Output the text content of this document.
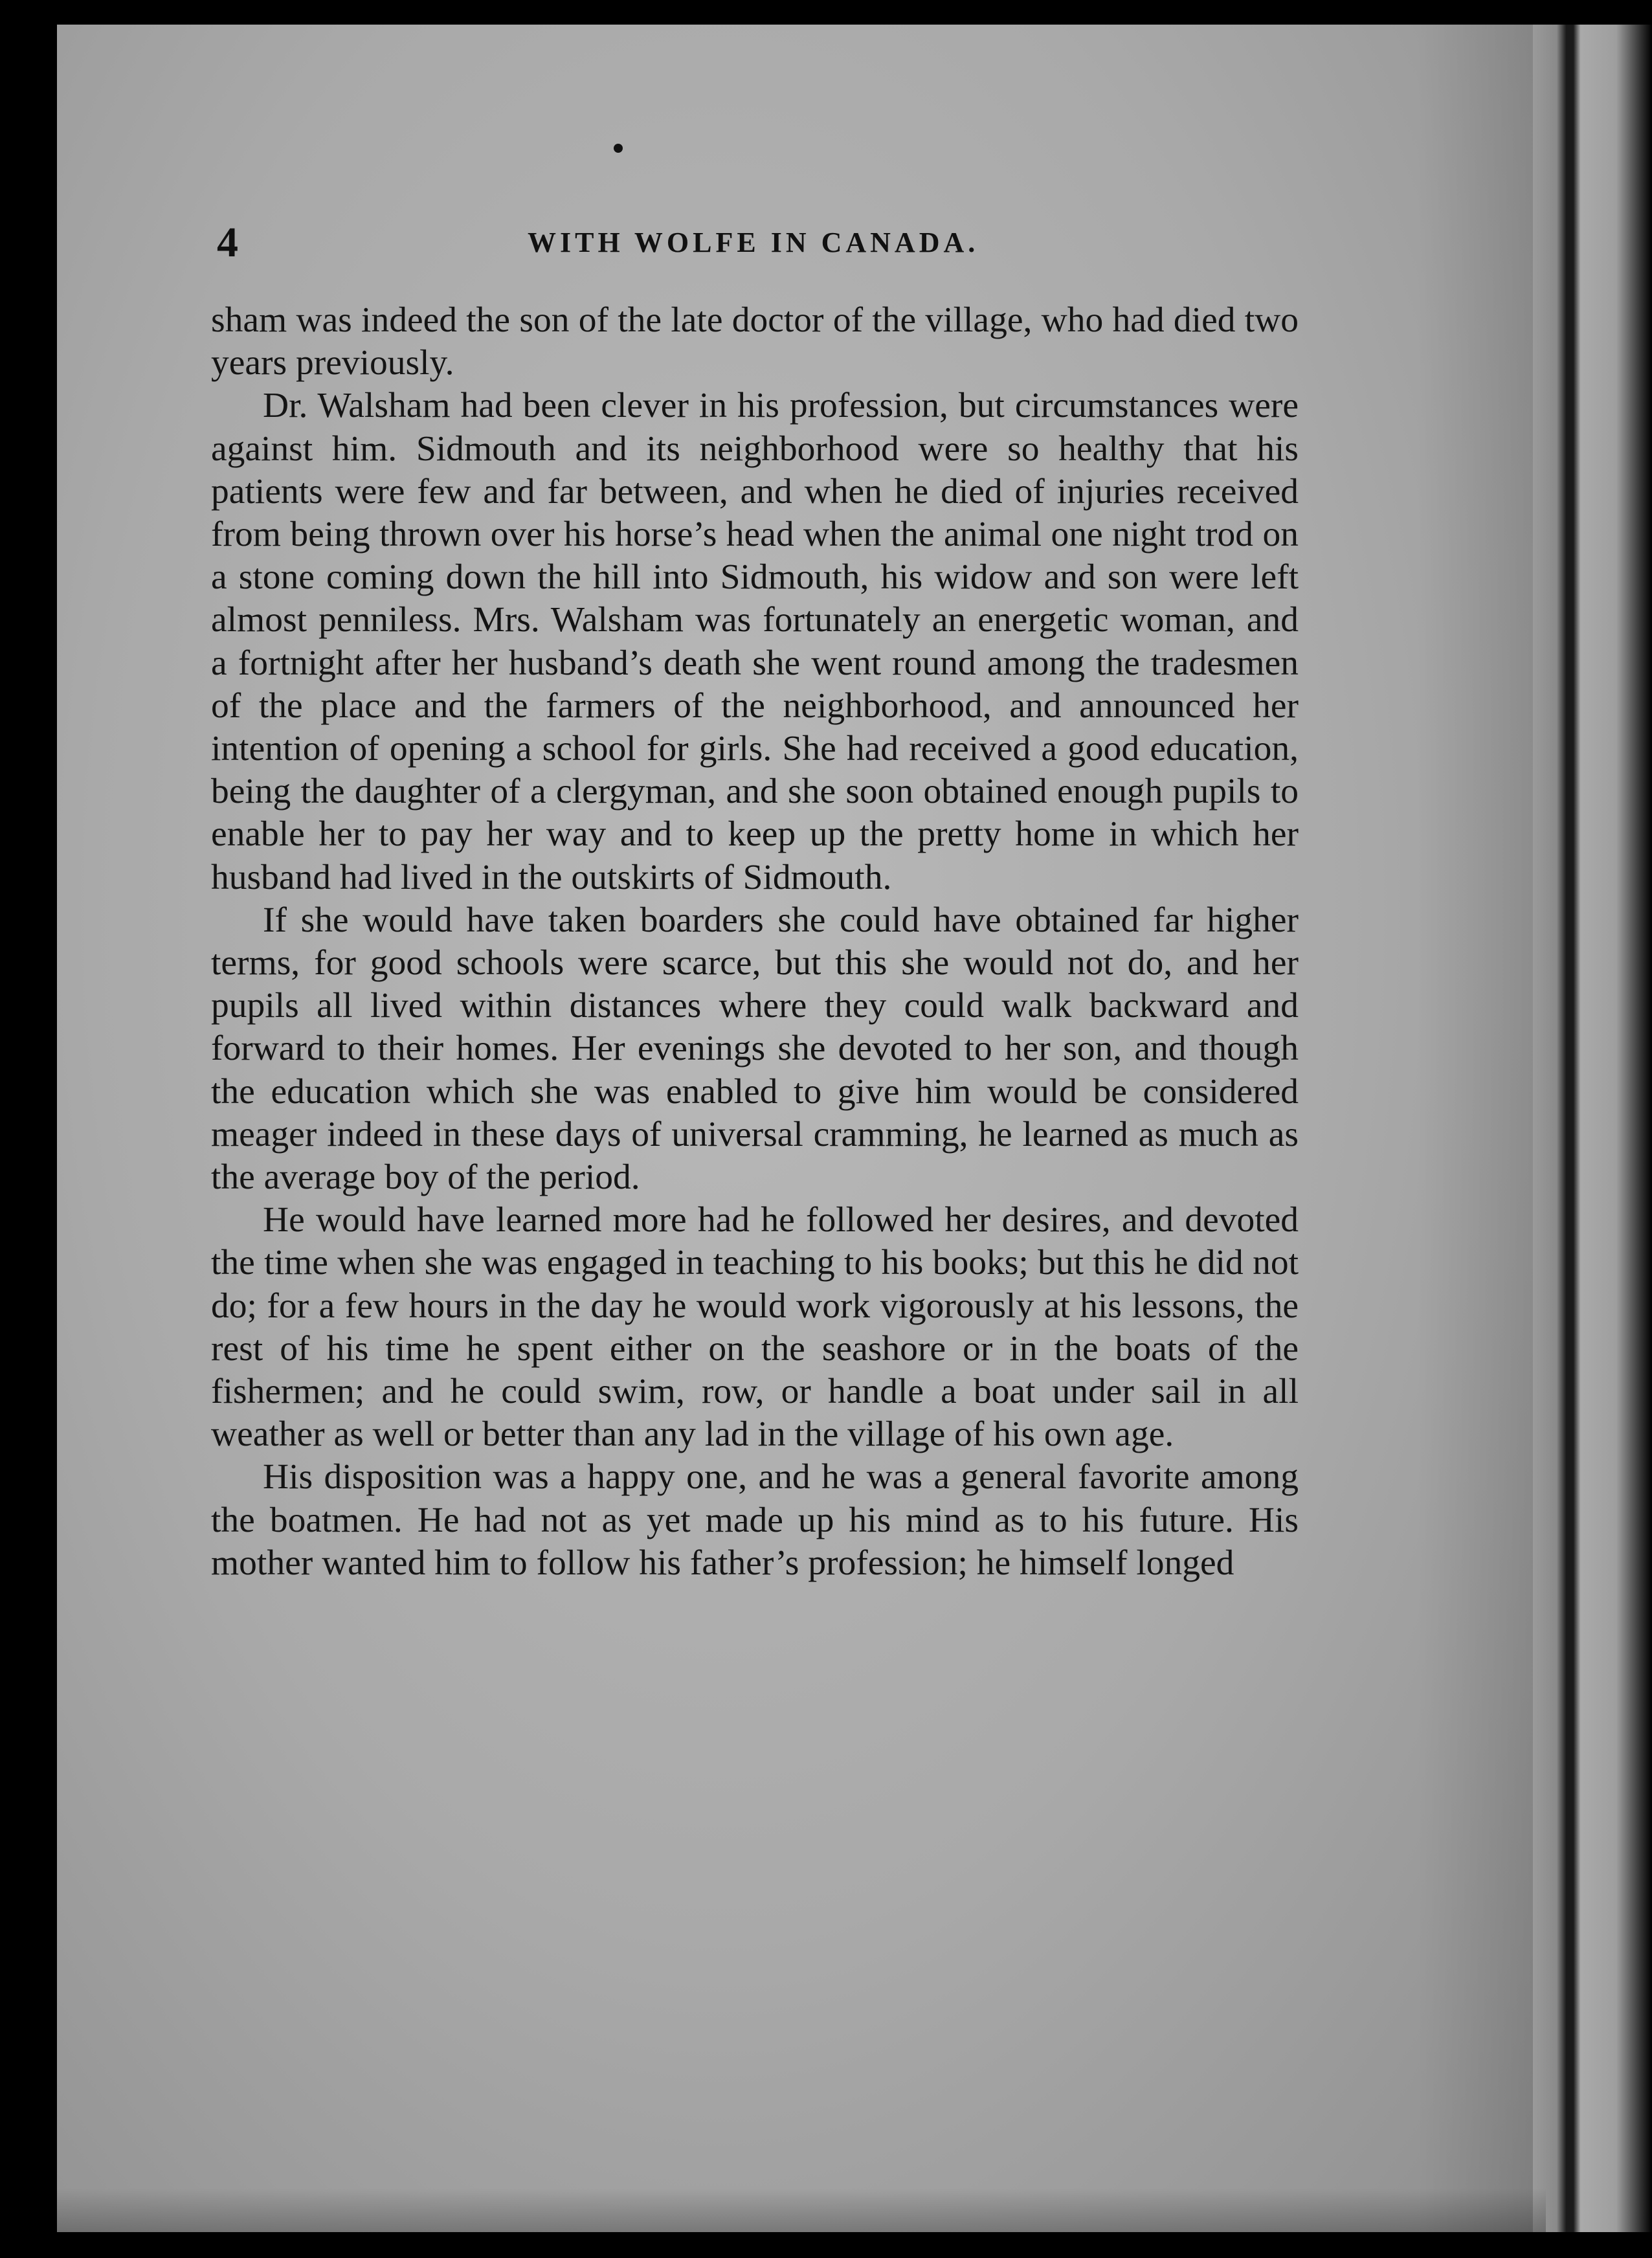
4	WITH WOLFE IN CANADA.

sham was indeed the son of the late doctor of the village, who had died two years previously.

Dr. Walsham had been clever in his profession, but circumstances were against him. Sidmouth and its neighborhood were so healthy that his patients were few and far between, and when he died of injuries received from being thrown over his horse’s head when the animal one night trod on a stone coming down the hill into Sidmouth, his widow and son were left almost penniless. Mrs. Walsham was fortunately an energetic woman, and a fortnight after her husband’s death she went round among the tradesmen of the place and the farmers of the neighborhood, and announced her intention of opening a school for girls. She had received a good education, being the daughter of a clergyman, and she soon obtained enough pupils to enable her to pay her way and to keep up the pretty home in which her husband had lived in the outskirts of Sidmouth.

If she would have taken boarders she could have obtained far higher terms, for good schools were scarce, but this she would not do, and her pupils all lived within distances where they could walk backward and forward to their homes. Her evenings she devoted to her son, and though the education which she was enabled to give him would be considered meager indeed in these days of universal cramming, he learned as much as the average boy of the period.

He would have learned more had he followed her desires, and devoted the time when she was engaged in teaching to his books; but this he did not do; for a few hours in the day he would work vigorously at his lessons, the rest of his time he spent either on the seashore or in the boats of the fishermen; and he could swim, row, or handle a boat under sail in all weather as well or better than any lad in the village of his own age.

His disposition was a happy one, and he was a general favorite among the boatmen. He had not as yet made up his mind as to his future. His mother wanted him to follow his father’s profession; he himself longed
